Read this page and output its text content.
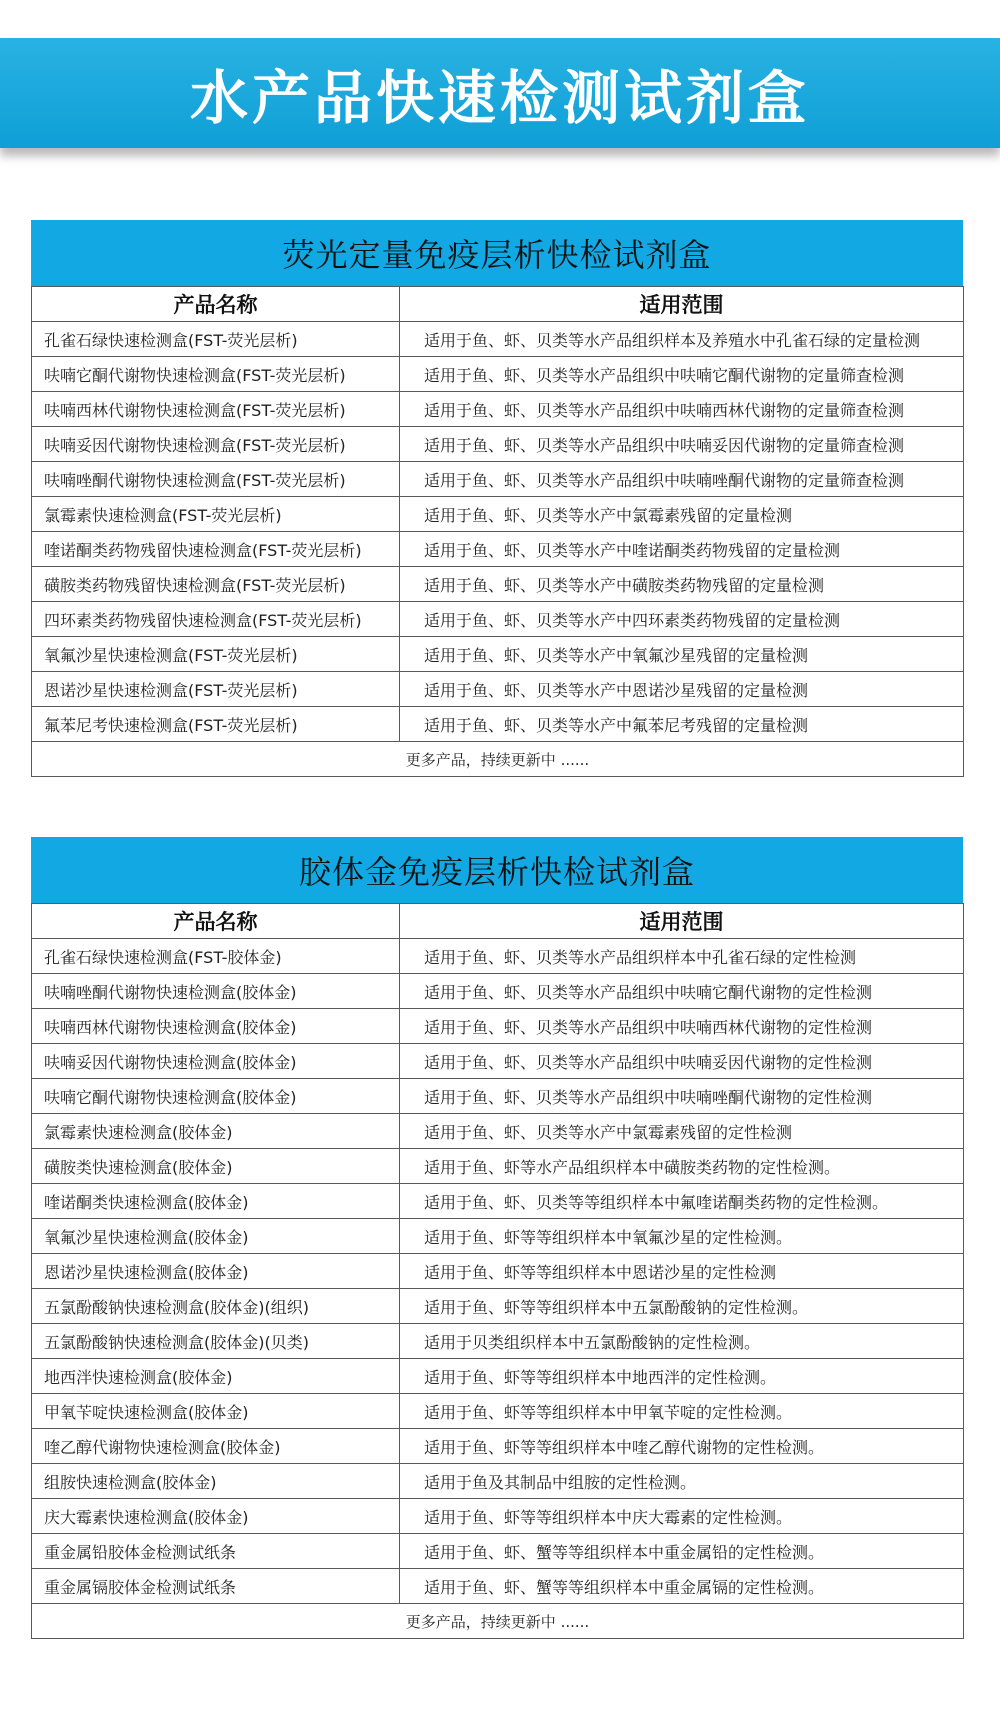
水产品快速检测试剂盒
荧光定量免疫层析快检试剂盒
产品名称	适用范围
孔雀石绿快速检测盒(FST-荧光层析)	适用于鱼、虾、贝类等水产品组织样本及养殖水中孔雀石绿的定量检测
呋喃它酮代谢物快速检测盒(FST-荧光层析)	适用于鱼、虾、贝类等水产品组织中呋喃它酮代谢物的定量筛查检测
呋喃西林代谢物快速检测盒(FST-荧光层析)	适用于鱼、虾、贝类等水产品组织中呋喃西林代谢物的定量筛查检测
呋喃妥因代谢物快速检测盒(FST-荧光层析)	适用于鱼、虾、贝类等水产品组织中呋喃妥因代谢物的定量筛查检测
呋喃唑酮代谢物快速检测盒(FST-荧光层析)	适用于鱼、虾、贝类等水产品组织中呋喃唑酮代谢物的定量筛查检测
氯霉素快速检测盒(FST-荧光层析)	适用于鱼、虾、贝类等水产中氯霉素残留的定量检测
喹诺酮类药物残留快速检测盒(FST-荧光层析)	适用于鱼、虾、贝类等水产中喹诺酮类药物残留的定量检测
磺胺类药物残留快速检测盒(FST-荧光层析)	适用于鱼、虾、贝类等水产中磺胺类药物残留的定量检测
四环素类药物残留快速检测盒(FST-荧光层析)	适用于鱼、虾、贝类等水产中四环素类药物残留的定量检测
氧氟沙星快速检测盒(FST-荧光层析)	适用于鱼、虾、贝类等水产中氧氟沙星残留的定量检测
恩诺沙星快速检测盒(FST-荧光层析)	适用于鱼、虾、贝类等水产中恩诺沙星残留的定量检测
氟苯尼考快速检测盒(FST-荧光层析)	适用于鱼、虾、贝类等水产中氟苯尼考残留的定量检测
更多产品，持续更新中 ......	
胶体金免疫层析快检试剂盒
产品名称	适用范围
孔雀石绿快速检测盒(FST-胶体金)	适用于鱼、虾、贝类等水产品组织样本中孔雀石绿的定性检测
呋喃唑酮代谢物快速检测盒(胶体金)	适用于鱼、虾、贝类等水产品组织中呋喃它酮代谢物的定性检测
呋喃西林代谢物快速检测盒(胶体金)	适用于鱼、虾、贝类等水产品组织中呋喃西林代谢物的定性检测
呋喃妥因代谢物快速检测盒(胶体金)	适用于鱼、虾、贝类等水产品组织中呋喃妥因代谢物的定性检测
呋喃它酮代谢物快速检测盒(胶体金)	适用于鱼、虾、贝类等水产品组织中呋喃唑酮代谢物的定性检测
氯霉素快速检测盒(胶体金)	适用于鱼、虾、贝类等水产中氯霉素残留的定性检测
磺胺类快速检测盒(胶体金)	适用于鱼、虾等水产品组织样本中磺胺类药物的定性检测。
喹诺酮类快速检测盒(胶体金)	适用于鱼、虾、贝类等等组织样本中氟喹诺酮类药物的定性检测。
氧氟沙星快速检测盒(胶体金)	适用于鱼、虾等等组织样本中氧氟沙星的定性检测。
恩诺沙星快速检测盒(胶体金)	适用于鱼、虾等等组织样本中恩诺沙星的定性检测
五氯酚酸钠快速检测盒(胶体金)(组织)	适用于鱼、虾等等组织样本中五氯酚酸钠的定性检测。
五氯酚酸钠快速检测盒(胶体金)(贝类)	适用于贝类组织样本中五氯酚酸钠的定性检测。
地西泮快速检测盒(胶体金)	适用于鱼、虾等等组织样本中地西泮的定性检测。
甲氧苄啶快速检测盒(胶体金)	适用于鱼、虾等等组织样本中甲氧苄啶的定性检测。
喹乙醇代谢物快速检测盒(胶体金)	适用于鱼、虾等等组织样本中喹乙醇代谢物的定性检测。
组胺快速检测盒(胶体金)	适用于鱼及其制品中组胺的定性检测。
庆大霉素快速检测盒(胶体金)	适用于鱼、虾等等组织样本中庆大霉素的定性检测。
重金属铅胶体金检测试纸条	适用于鱼、虾、蟹等等组织样本中重金属铅的定性检测。
重金属镉胶体金检测试纸条	适用于鱼、虾、蟹等等组织样本中重金属镉的定性检测。
更多产品，持续更新中 ......	
